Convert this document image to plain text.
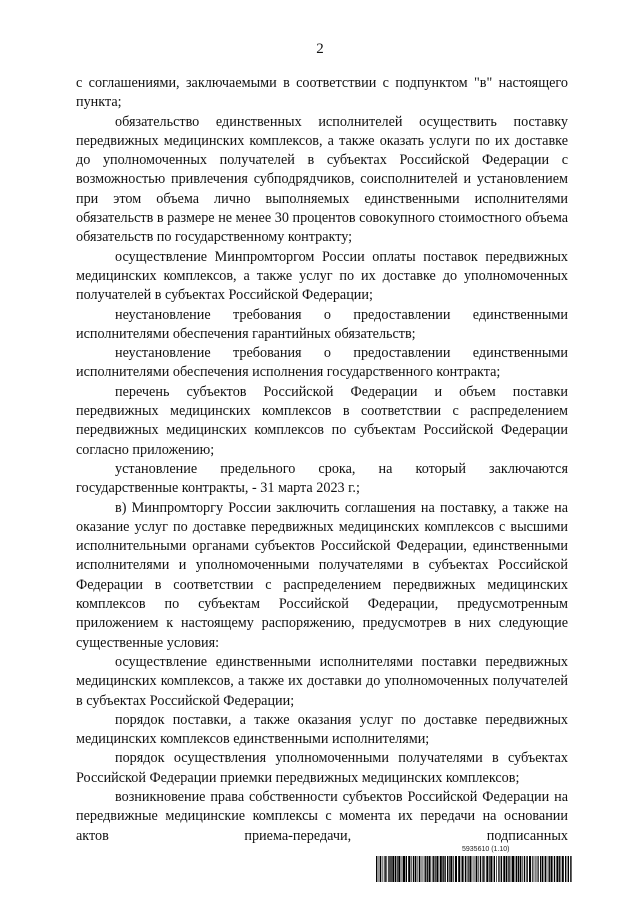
2

с соглашениями, заключаемыми в соответствии с подпунктом "в" настоящего пункта;

обязательство единственных исполнителей осуществить поставку передвижных медицинских комплексов, а также оказать услуги по их доставке до уполномоченных получателей в субъектах Российской Федерации с возможностью привлечения субподрядчиков, соисполнителей и установлением при этом объема лично выполняемых единственными исполнителями обязательств в размере не менее 30 процентов совокупного стоимостного объема обязательств по государственному контракту;

осуществление Минпромторгом России оплаты поставок передвижных медицинских комплексов, а также услуг по их доставке до уполномоченных получателей в субъектах Российской Федерации;

неустановление требования о предоставлении единственными исполнителями обеспечения гарантийных обязательств;

неустановление требования о предоставлении единственными исполнителями обеспечения исполнения государственного контракта;

перечень субъектов Российской Федерации и объем поставки передвижных медицинских комплексов в соответствии с распределением передвижных медицинских комплексов по субъектам Российской Федерации согласно приложению;

установление предельного срока, на который заключаются государственные контракты, - 31 марта 2023 г.;

в) Минпромторгу России заключить соглашения на поставку, а также на оказание услуг по доставке передвижных медицинских комплексов с высшими исполнительными органами субъектов Российской Федерации, единственными исполнителями и уполномоченными получателями в субъектах Российской Федерации в соответствии с распределением передвижных медицинских комплексов по субъектам Российской Федерации, предусмотренным приложением к настоящему распоряжению, предусмотрев в них следующие существенные условия:

осуществление единственными исполнителями поставки передвижных медицинских комплексов, а также их доставки до уполномоченных получателей в субъектах Российской Федерации;

порядок поставки, а также оказания услуг по доставке передвижных медицинских комплексов единственными исполнителями;

порядок осуществления уполномоченными получателями в субъектах Российской Федерации приемки передвижных медицинских комплексов;

возникновение права собственности субъектов Российской Федерации на передвижные медицинские комплексы с момента их передачи на основании актов приема-передачи, подписанных

5935610 (1.10)
